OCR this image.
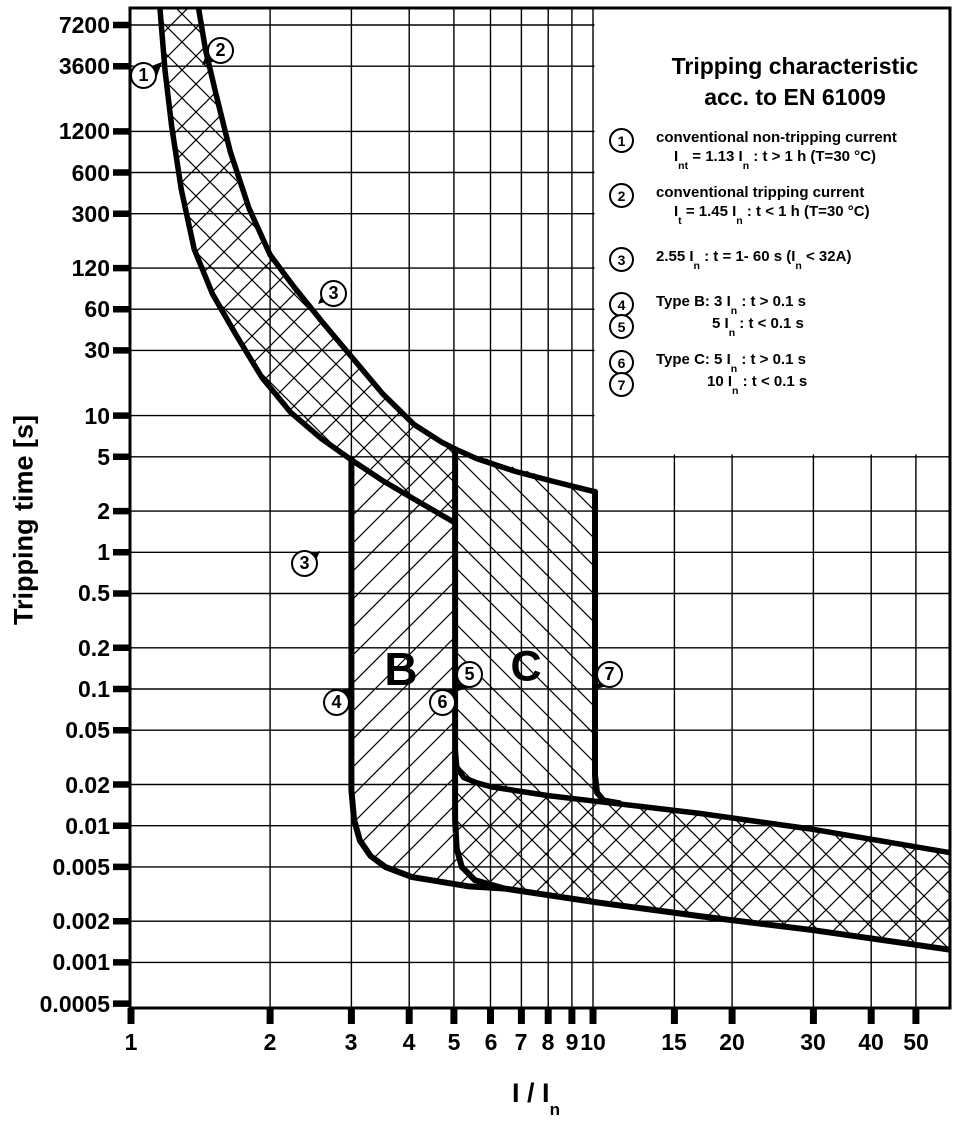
Tripping time [s]
I / $I_n$
Tripping characteristic
acc. to EN 61009
B C
1	conventional non-tripping current
$I_{nt} = 1.13$ $I_n$ : t > 1 h (T=30 °C)
2	conventional tripping current
$I_t = 1.45$ $I_n$ : t < 1 h (T=30 °C)
3	2.55 $I_n$ : t = 1- 60 s $(I_n < 32A)$
4	Type B: 3 $I_n$ : t > 0.1 s
5	5 $I_n$ : t < 0.1 s
6	Type C: 5 $I_n$ : t > 0.1 s
7	10 $I_n$ : t < 0.1 s
7200
3600
1200
600
300
120
60
30
10
5
2
1
0.5
0.2
0.1
0.05
0.02
0.01
0.005
0.002
0.001
0.0005
1	2	3	4	5	6 7 8 9 10	15	20	30	40 50
1
2
3
3
4
5
6
7
